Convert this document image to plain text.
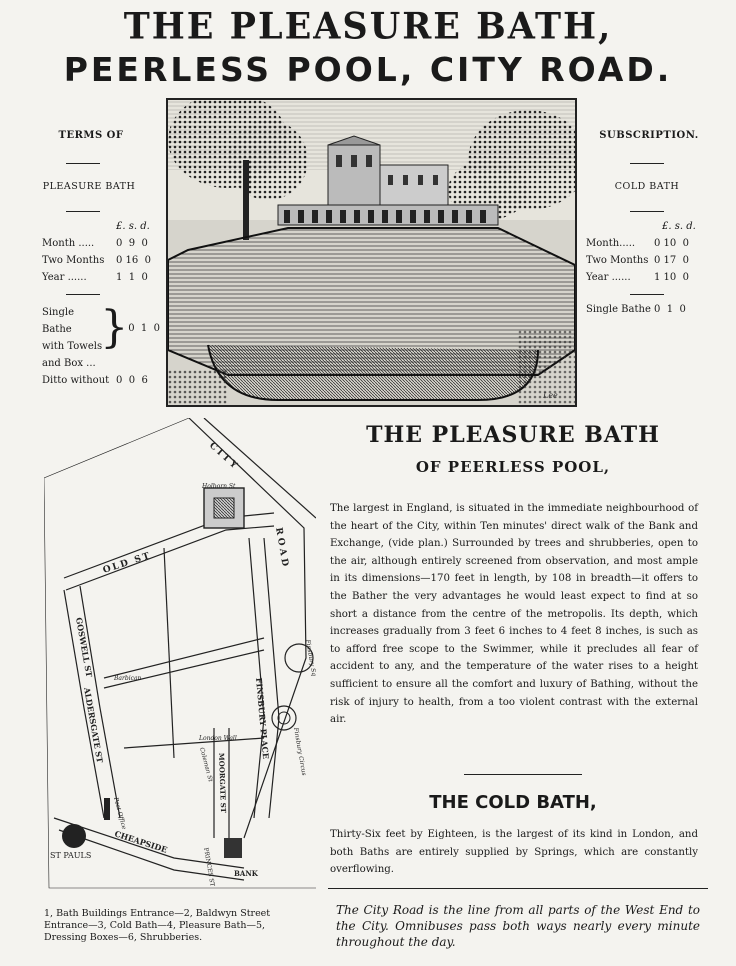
THE PLEASURE BATH,
PEERLESS POOL, CITY ROAD.
TERMS OF
PLEASURE BATH
£. s. d.
Month .....	0  9  0
Two Months	0 16  0
Year ......	1  1  0
Single Bathe
with Towels
and Box ...
} 0  1  0
Ditto without 0  0  6
Lee
SUBSCRIPTION.
COLD BATH
£. s. d.
Month.....	0 10  0
Two Months 0 17  0
Year ......	1 10  0
Single Bathe 0  1  0
CITY
ROAD
OLD ST
GOSWELL ST
ALDERSGATE ST	FINSBURY PLACE
MOORGATE ST
CHEAPSIDE
ST PAULS
BANK
PRINCES ST
Coleman St
London Wall
Barbican
Post Office
Finsbury Sq
Finsbury Circus
Holborn St
1, Bath Buildings Entrance—2, Baldwyn Street Entrance—3, Cold Bath—4, Pleasure Bath—5, Dressing Boxes—6, Shrubberies.
THE PLEASURE BATH
OF PEERLESS POOL,
The largest in England, is situated in the immediate neighbourhood of the heart of the City, within Ten minutes' direct walk of the Bank and Exchange, (vide plan.) Surrounded by trees and shrubberies, open to the air, although entirely screened from observation, and most ample in its dimensions—170 feet in length, by 108 in breadth—it offers to the Bather the very advantages he would least expect to find at so short a distance from the centre of the metropolis. Its depth, which increases gradually from 3 feet 6 inches to 4 feet 8 inches, is such as to afford free scope to the Swimmer, while it precludes all fear of accident to any, and the temperature of the water rises to a height sufficient to ensure all the comfort and luxury of Bathing, without the risk of injury to health, from a too violent contrast with the external air.
THE COLD BATH,
Thirty-Six feet by Eighteen, is the largest of its kind in London, and both Baths are entirely supplied by Springs, which are constantly overflowing.
The City Road is the line from all parts of the West End to the City. Omnibuses pass both ways nearly every minute throughout the day.
